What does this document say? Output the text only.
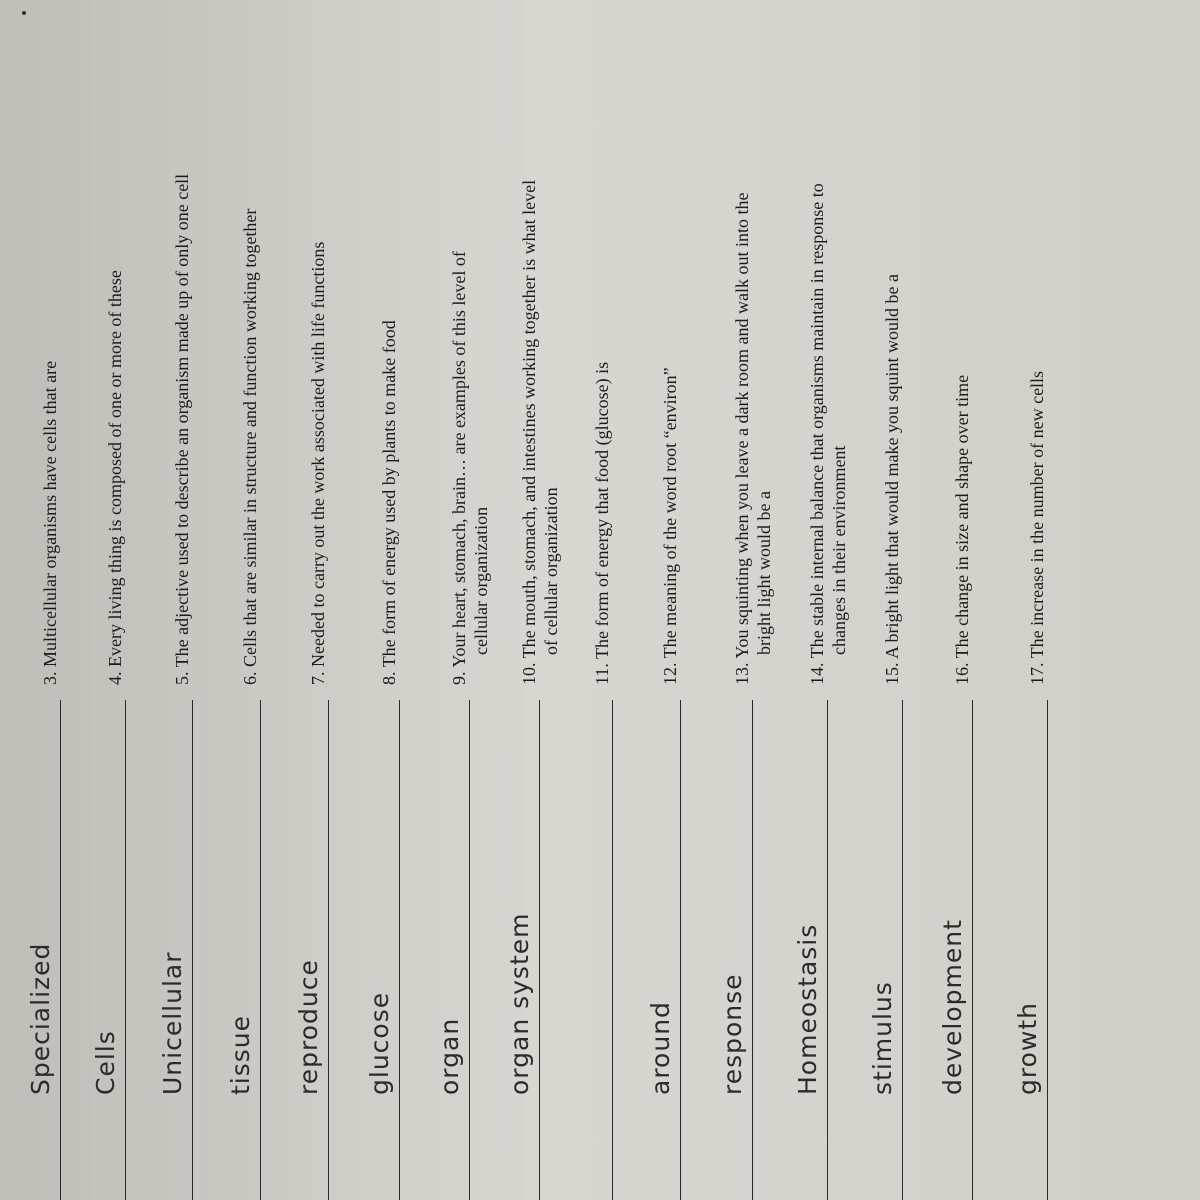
Specialized
3. Multicellular organisms have cells that are
Cells
4. Every living thing is composed of one or more of these
Unicellular
5. The adjective used to describe an organism made up of only one cell
tissue
6. Cells that are similar in structure and function working together
reproduce
7. Needed to carry out the work associated with life functions
glucose
8. The form of energy used by plants to make food
organ
9. Your heart, stomach, brain… are examples of this level of cellular organization
organ system
10. The mouth, stomach, and intestines working together is what level of cellular organization 11. The form of energy that food (glucose) is
around
12. The meaning of the word root “environ”
response
13. You squinting when you leave a dark room and walk out into the bright light would be a
Homeostasis
14. The stable internal balance that organisms maintain in response to changes in their environment
stimulus
15. A bright light that would make you squint would be a
development
16. The change in size and shape over time
growth
17. The increase in the number of new cells
